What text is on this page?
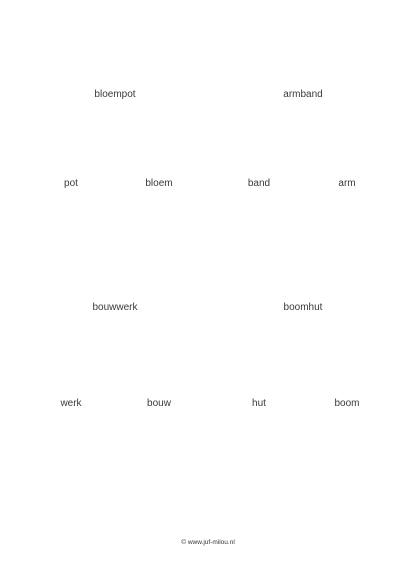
bloempot	armband
pot	bloem	band	arm
bouwwerk	boomhut
werk	bouw	hut	boom
© www.juf-milou.nl
